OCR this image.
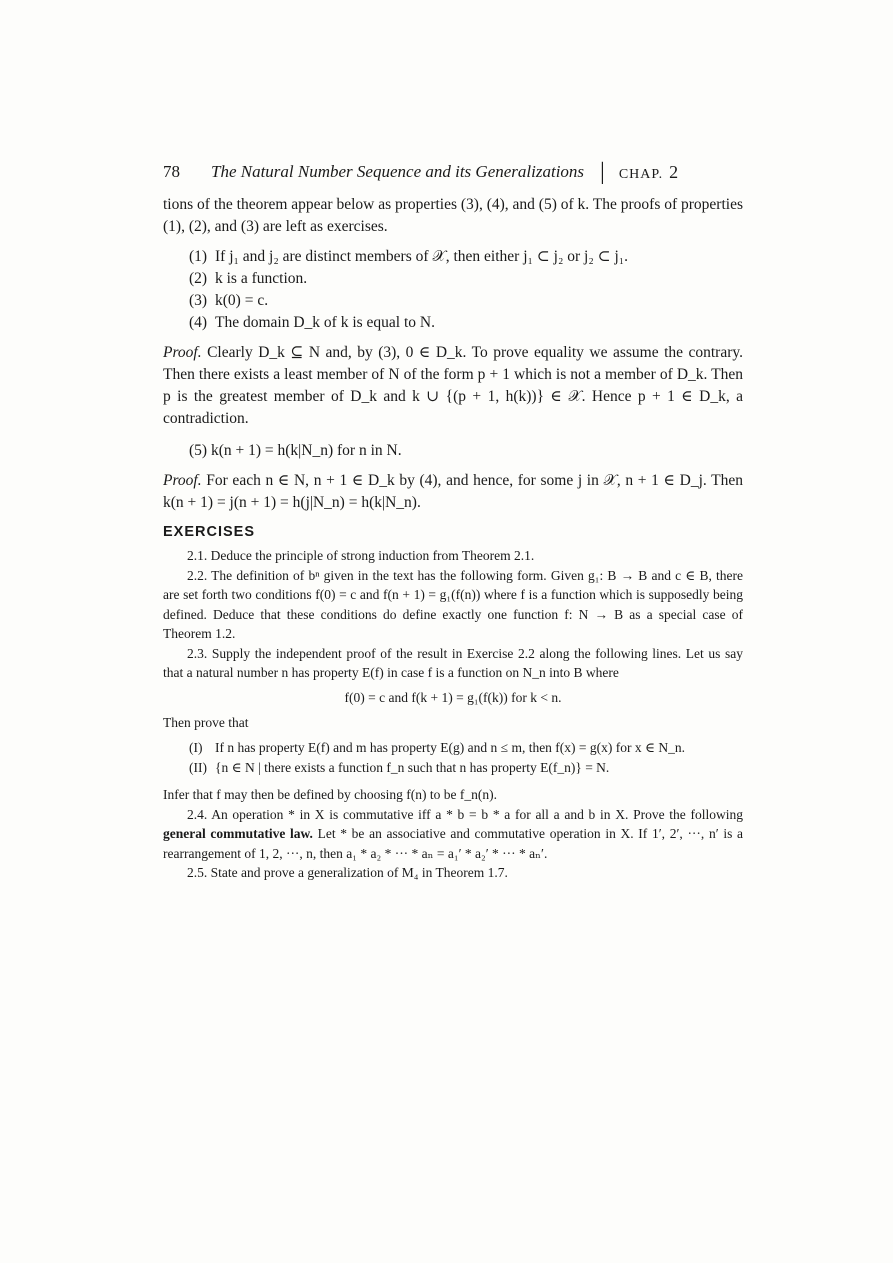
78	The Natural Number Sequence and its Generalizations | CHAP. 2

tions of the theorem appear below as properties (3), (4), and (5) of k. The proofs of properties (1), (2), and (3) are left as exercises.

(1) If j₁ and j₂ are distinct members of 𝒳, then either j₁ ⊂ j₂ or j₂ ⊂ j₁.
(2) k is a function.
(3) k(0) = c.
(4) The domain D_k of k is equal to N.

Proof. Clearly D_k ⊆ N and, by (3), 0 ∈ D_k. To prove equality we assume the contrary. Then there exists a least member of N of the form p + 1 which is not a member of D_k. Then p is the greatest member of D_k and k ∪ {(p + 1, h(k))} ∈ 𝒳. Hence p + 1 ∈ D_k, a contradiction.

(5) k(n + 1) = h(k|N_n) for n in N.

Proof. For each n ∈ N, n + 1 ∈ D_k by (4), and hence, for some j in 𝒳, n + 1 ∈ D_j. Then k(n + 1) = j(n + 1) = h(j|N_n) = h(k|N_n).

EXERCISES

2.1. Deduce the principle of strong induction from Theorem 2.1.

2.2. The definition of bⁿ given in the text has the following form. Given g₁: B → B and c ∈ B, there are set forth two conditions f(0) = c and f(n + 1) = g₁(f(n)) where f is a function which is supposedly being defined. Deduce that these conditions do define exactly one function f: N → B as a special case of Theorem 1.2.

2.3. Supply the independent proof of the result in Exercise 2.2 along the following lines. Let us say that a natural number n has property E(f) in case f is a function on N_n into B where

f(0) = c and f(k + 1) = g₁(f(k)) for k < n.

Then prove that

(I) If n has property E(f) and m has property E(g) and n ≤ m, then f(x) = g(x) for x ∈ N_n.
(II) {n ∈ N | there exists a function f_n such that n has property E(f_n)} = N.

Infer that f may then be defined by choosing f(n) to be f_n(n).

2.4. An operation * in X is commutative iff a * b = b * a for all a and b in X. Prove the following general commutative law. Let * be an associative and commutative operation in X. If 1′, 2′, ···, n′ is a rearrangement of 1, 2, ···, n, then a₁ * a₂ * ··· * aₙ = a₁′ * a₂′ * ··· * aₙ′.

2.5. State and prove a generalization of M₄ in Theorem 1.7.
